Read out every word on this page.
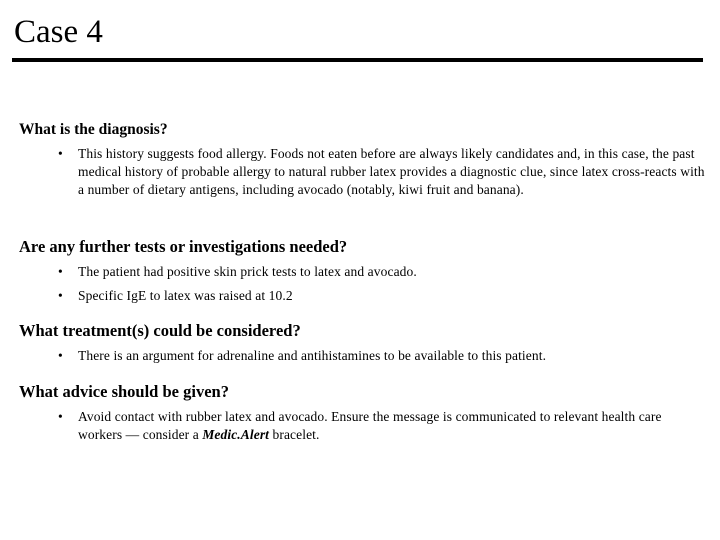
Case 4
What is the diagnosis?
•	This history suggests food allergy. Foods not eaten before are always likely candidates and, in this case, the past medical history of probable allergy to natural rubber latex provides a diagnostic clue, since latex cross-reacts with a number of dietary antigens, including avocado (notably, kiwi fruit and banana).
Are any further tests or investigations needed?
•	The patient had positive skin prick tests to latex and avocado.
•	Specific IgE to latex was raised at 10.2
What treatment(s) could be considered?
•	There is an argument for adrenaline and antihistamines to be available to this patient.
What advice should be given?
•	Avoid contact with rubber latex and avocado. Ensure the message is communicated to relevant health care workers — consider a Medic.Alert bracelet.
